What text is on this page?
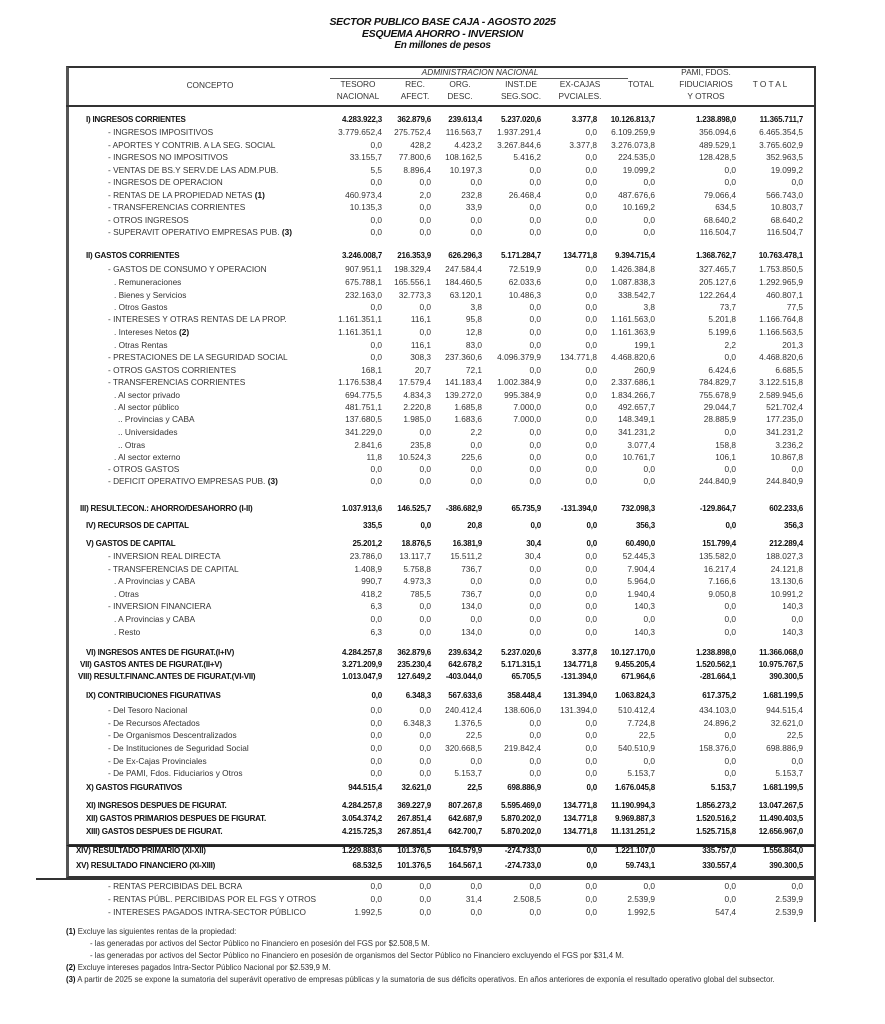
SECTOR PUBLICO BASE CAJA - AGOSTO 2025
ESQUEMA AHORRO - INVERSION
En millones de pesos
CONCEPTO
ADMINISTRACION NACIONAL
TESORO
NACIONAL
REC.
AFECT.
ORG.
DESC.
INST.DE
SEG.SOC.
EX-CAJAS
PVCIALES.
TOTAL
PAMI, FDOS.
FIDUCIARIOS
Y OTROS
T O T A L
I) INGRESOS CORRIENTES	4.283.922,3	362.879,6	239.613,4	5.237.020,6	3.377,8	10.126.813,7	1.238.898,0	11.365.711,7
- INGRESOS IMPOSITIVOS	3.779.652,4	275.752,4	116.563,7	1.937.291,4	0,0	6.109.259,9	356.094,6	6.465.354,5
- APORTES Y CONTRIB. A LA SEG. SOCIAL	0,0	428,2	4.423,2	3.267.844,6	3.377,8	3.276.073,8	489.529,1	3.765.602,9
- INGRESOS NO IMPOSITIVOS	33.155,7	77.800,6	108.162,5	5.416,2	0,0	224.535,0	128.428,5	352.963,5
- VENTAS DE BS.Y SERV.DE LAS ADM.PUB.	5,5	8.896,4	10.197,3	0,0	0,0	19.099,2	0,0	19.099,2
- INGRESOS DE OPERACION	0,0	0,0	0,0	0,0	0,0	0,0	0,0	0,0
- RENTAS DE LA PROPIEDAD NETAS (1)	460.973,4	2,0	232,8	26.468,4	0,0	487.676,6	79.066,4	566.743,0
- TRANSFERENCIAS CORRIENTES	10.135,3	0,0	33,9	0,0	0,0	10.169,2	634,5	10.803,7
- OTROS INGRESOS	0,0	0,0	0,0	0,0	0,0	0,0	68.640,2	68.640,2
- SUPERAVIT OPERATIVO EMPRESAS PUB. (3)	0,0	0,0	0,0	0,0	0,0	0,0	116.504,7	116.504,7
II) GASTOS CORRIENTES	3.246.008,7	216.353,9	626.296,3	5.171.284,7	134.771,8	9.394.715,4	1.368.762,7	10.763.478,1
- GASTOS DE CONSUMO Y OPERACION	907.951,1	198.329,4	247.584,4	72.519,9	0,0	1.426.384,8	327.465,7	1.753.850,5
. Remuneraciones	675.788,1	165.556,1	184.460,5	62.033,6	0,0	1.087.838,3	205.127,6	1.292.965,9
. Bienes y Servicios	232.163,0	32.773,3	63.120,1	10.486,3	0,0	338.542,7	122.264,4	460.807,1
. Otros Gastos	0,0	0,0	3,8	0,0	0,0	3,8	73,7	77,5
- INTERESES Y OTRAS RENTAS DE LA PROP.	1.161.351,1	116,1	95,8	0,0	0,0	1.161.563,0	5.201,8	1.166.764,8
. Intereses Netos (2)	1.161.351,1	0,0	12,8	0,0	0,0	1.161.363,9	5.199,6	1.166.563,5
. Otras Rentas	0,0	116,1	83,0	0,0	0,0	199,1	2,2	201,3
- PRESTACIONES DE LA SEGURIDAD SOCIAL	0,0	308,3	237.360,6	4.096.379,9	134.771,8	4.468.820,6	0,0	4.468.820,6
- OTROS GASTOS CORRIENTES	168,1	20,7	72,1	0,0	0,0	260,9	6.424,6	6.685,5
- TRANSFERENCIAS CORRIENTES	1.176.538,4	17.579,4	141.183,4	1.002.384,9	0,0	2.337.686,1	784.829,7	3.122.515,8
. Al sector privado	694.775,5	4.834,3	139.272,0	995.384,9	0,0	1.834.266,7	755.678,9	2.589.945,6
. Al sector público	481.751,1	2.220,8	1.685,8	7.000,0	0,0	492.657,7	29.044,7	521.702,4
.. Provincias y CABA	137.680,5	1.985,0	1.683,6	7.000,0	0,0	148.349,1	28.885,9	177.235,0
.. Universidades	341.229,0	0,0	2,2	0,0	0,0	341.231,2	0,0	341.231,2
.. Otras	2.841,6	235,8	0,0	0,0	0,0	3.077,4	158,8	3.236,2
. Al sector externo	11,8	10.524,3	225,6	0,0	0,0	10.761,7	106,1	10.867,8
- OTROS GASTOS	0,0	0,0	0,0	0,0	0,0	0,0	0,0	0,0
- DEFICIT OPERATIVO EMPRESAS PUB. (3)	0,0	0,0	0,0	0,0	0,0	0,0	244.840,9	244.840,9
III) RESULT.ECON.: AHORRO/DESAHORRO (I-II)	1.037.913,6	146.525,7	-386.682,9	65.735,9	-131.394,0	732.098,3	-129.864,7	602.233,6
IV) RECURSOS DE CAPITAL	335,5	0,0	20,8	0,0	0,0	356,3	0,0	356,3
V) GASTOS DE CAPITAL	25.201,2	18.876,5	16.381,9	30,4	0,0	60.490,0	151.799,4	212.289,4
- INVERSION REAL DIRECTA	23.786,0	13.117,7	15.511,2	30,4	0,0	52.445,3	135.582,0	188.027,3
- TRANSFERENCIAS DE CAPITAL	1.408,9	5.758,8	736,7	0,0	0,0	7.904,4	16.217,4	24.121,8
. A Provincias y CABA	990,7	4.973,3	0,0	0,0	0,0	5.964,0	7.166,6	13.130,6
. Otras	418,2	785,5	736,7	0,0	0,0	1.940,4	9.050,8	10.991,2
- INVERSION FINANCIERA	6,3	0,0	134,0	0,0	0,0	140,3	0,0	140,3
. A Provincias y CABA	0,0	0,0	0,0	0,0	0,0	0,0	0,0	0,0
. Resto	6,3	0,0	134,0	0,0	0,0	140,3	0,0	140,3
VI) INGRESOS ANTES DE FIGURAT.(I+IV)	4.284.257,8	362.879,6	239.634,2	5.237.020,6	3.377,8	10.127.170,0	1.238.898,0	11.366.068,0
VII) GASTOS ANTES DE FIGURAT.(II+V)	3.271.209,9	235.230,4	642.678,2	5.171.315,1	134.771,8	9.455.205,4	1.520.562,1	10.975.767,5
VIII) RESULT.FINANC.ANTES DE FIGURAT.(VI-VII)	1.013.047,9	127.649,2	-403.044,0	65.705,5	-131.394,0	671.964,6	-281.664,1	390.300,5
IX) CONTRIBUCIONES FIGURATIVAS	0,0	6.348,3	567.633,6	358.448,4	131.394,0	1.063.824,3	617.375,2	1.681.199,5
- Del Tesoro Nacional	0,0	0,0	240.412,4	138.606,0	131.394,0	510.412,4	434.103,0	944.515,4
- De Recursos Afectados	0,0	6.348,3	1.376,5	0,0	0,0	7.724,8	24.896,2	32.621,0
- De Organismos Descentralizados	0,0	0,0	22,5	0,0	0,0	22,5	0,0	22,5
- De Instituciones de Seguridad Social	0,0	0,0	320.668,5	219.842,4	0,0	540.510,9	158.376,0	698.886,9
- De Ex-Cajas Provinciales	0,0	0,0	0,0	0,0	0,0	0,0	0,0	0,0
- De PAMI, Fdos. Fiduciarios y Otros	0,0	0,0	5.153,7	0,0	0,0	5.153,7	0,0	5.153,7
X) GASTOS FIGURATIVOS	944.515,4	32.621,0	22,5	698.886,9	0,0	1.676.045,8	5.153,7	1.681.199,5
XI) INGRESOS DESPUES DE FIGURAT.	4.284.257,8	369.227,9	807.267,8	5.595.469,0	134.771,8	11.190.994,3	1.856.273,2	13.047.267,5
XII) GASTOS PRIMARIOS DESPUES DE FIGURAT.	3.054.374,2	267.851,4	642.687,9	5.870.202,0	134.771,8	9.969.887,3	1.520.516,2	11.490.403,5
XIII) GASTOS DESPUES DE FIGURAT.	4.215.725,3	267.851,4	642.700,7	5.870.202,0	134.771,8	11.131.251,2	1.525.715,8	12.656.967,0
XIV) RESULTADO PRIMARIO (XI-XII)	1.229.883,6	101.376,5	164.579,9	-274.733,0	0,0	1.221.107,0	335.757,0	1.556.864,0
XV) RESULTADO FINANCIERO (XI-XIII)	68.532,5	101.376,5	164.567,1	-274.733,0	0,0	59.743,1	330.557,4	390.300,5
- RENTAS PERCIBIDAS DEL BCRA	0,0	0,0	0,0	0,0	0,0	0,0	0,0	0,0
- RENTAS PÚBL. PERCIBIDAS POR EL FGS Y OTROS	0,0	0,0	31,4	2.508,5	0,0	2.539,9	0,0	2.539,9
- INTERESES PAGADOS INTRA-SECTOR PÚBLICO	1.992,5	0,0	0,0	0,0	0,0	1.992,5	547,4	2.539,9
(1) Excluye las siguientes rentas de la propiedad:
- las generadas por activos del Sector Público no Financiero en posesión del FGS por $2.508,5 M.
- las generadas por activos del Sector Público no Financiero en posesión de organismos del Sector Público no Financiero excluyendo el FGS por $31,4 M.
(2) Excluye intereses pagados Intra-Sector Público Nacional por $2.539,9 M.
(3) A partir de 2025 se expone la sumatoria del superávit operativo de empresas públicas y la sumatoria de sus déficits operativos. En años anteriores de exponía el resultado operativo global del subsector.
